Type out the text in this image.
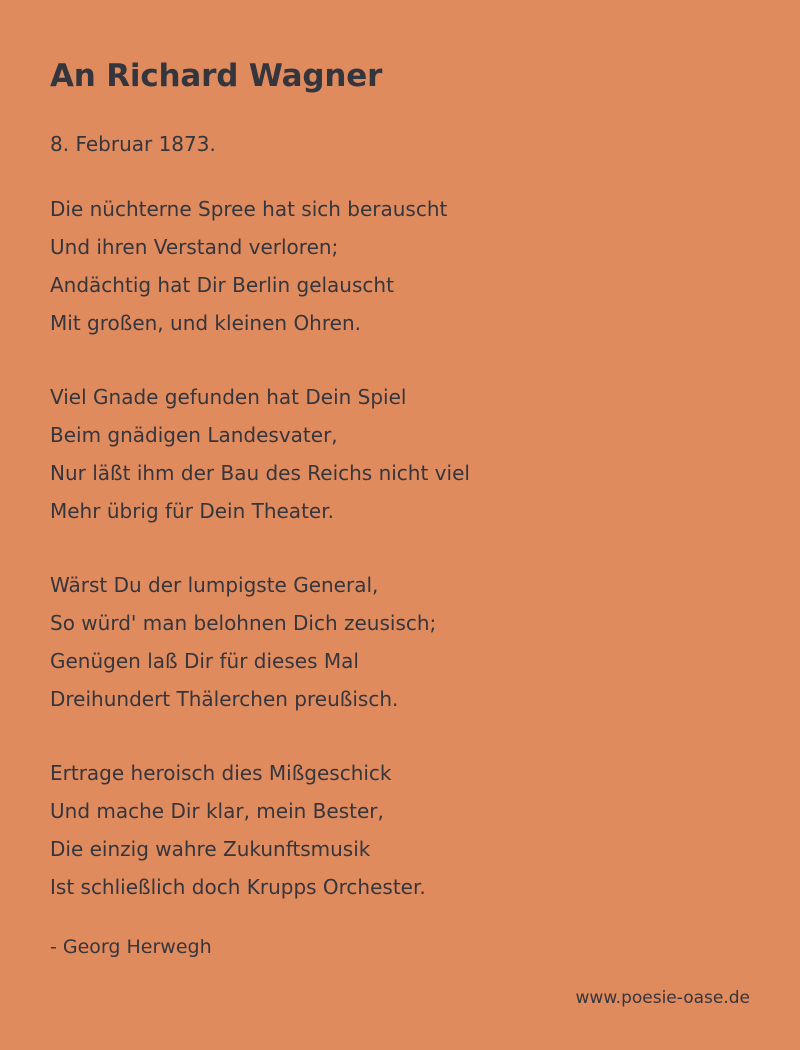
An Richard Wagner
8. Februar 1873.
Die nüchterne Spree hat sich berauscht
Und ihren Verstand verloren;
Andächtig hat Dir Berlin gelauscht
Mit großen, und kleinen Ohren.
Viel Gnade gefunden hat Dein Spiel
Beim gnädigen Landesvater,
Nur läßt ihm der Bau des Reichs nicht viel
Mehr übrig für Dein Theater.
Wärst Du der lumpigste General,
So würd' man belohnen Dich zeusisch;
Genügen laß Dir für dieses Mal
Dreihundert Thälerchen preußisch.
Ertrage heroisch dies Mißgeschick
Und mache Dir klar, mein Bester,
Die einzig wahre Zukunftsmusik
Ist schließlich doch Krupps Orchester.
- Georg Herwegh
www.poesie-oase.de
